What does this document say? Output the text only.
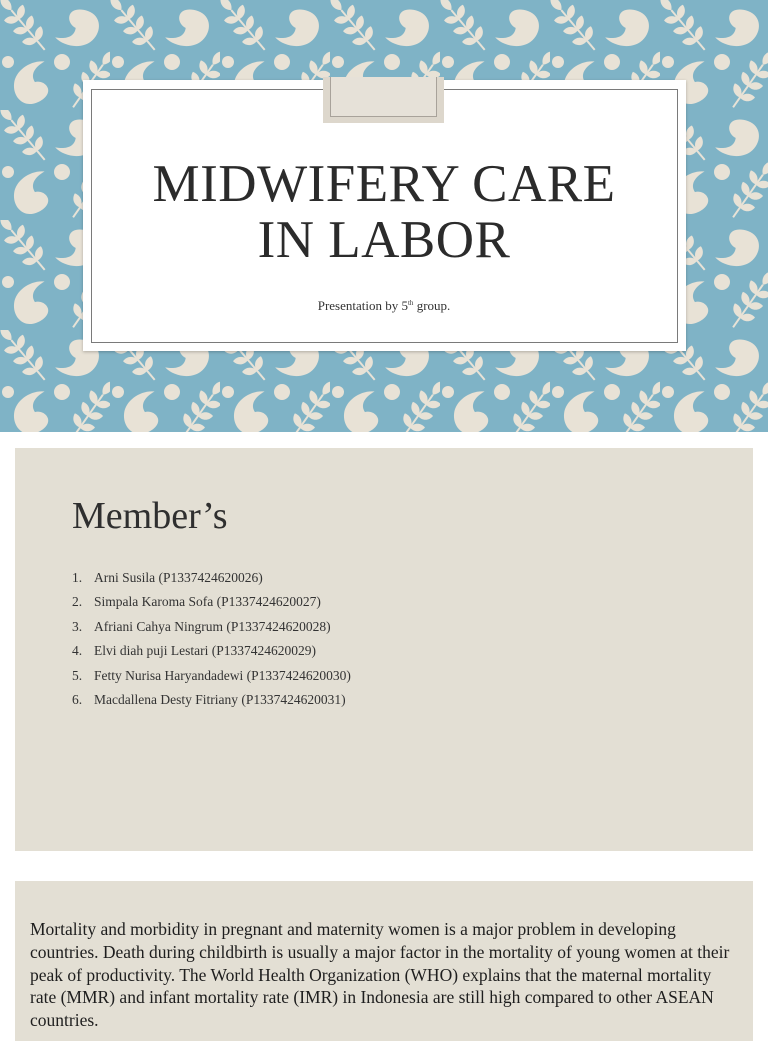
MIDWIFERY CARE
IN LABOR

Presentation by 5th group.

Member’s
1. Arni Susila (P1337424620026)
2. Simpala Karoma Sofa (P1337424620027)
3. Afriani Cahya Ningrum (P1337424620028)
4. Elvi diah puji Lestari (P1337424620029)
5. Fetty Nurisa Haryandadewi (P1337424620030)
6. Macdallena Desty Fitriany (P1337424620031)

Mortality and morbidity in pregnant and maternity women is a major problem in developing countries. Death during childbirth is usually a major factor in the mortality of young women at their peak of productivity. The World Health Organization (WHO) explains that the maternal mortality rate (MMR) and infant mortality rate (IMR) in Indonesia are still high compared to other ASEAN countries.
